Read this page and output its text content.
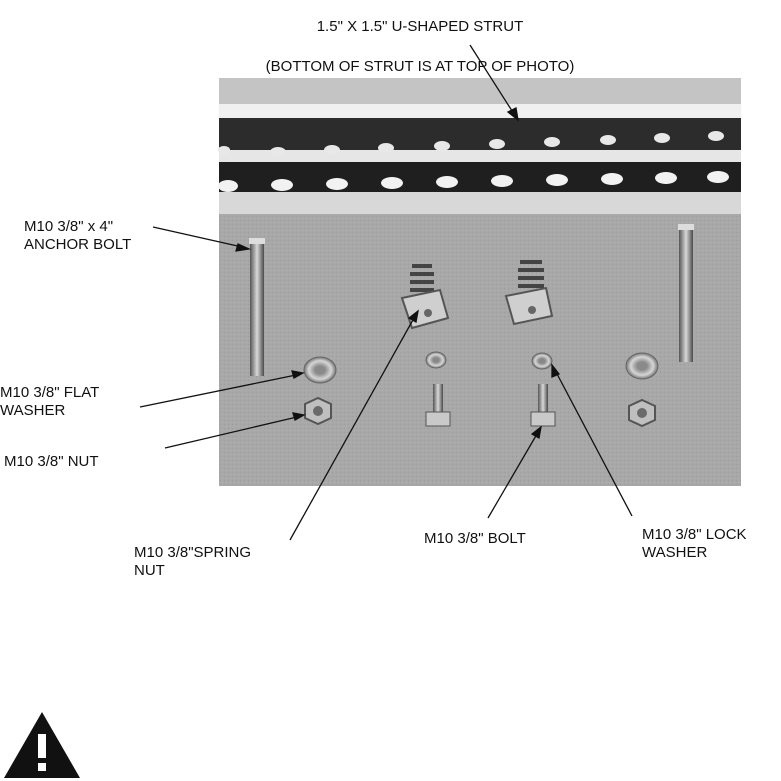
1.5" X 1.5" U-SHAPED STRUT

(BOTTOM OF STRUT IS AT TOP OF PHOTO)

M10 3/8" x 4"
ANCHOR BOLT
M10 3/8" FLAT
WASHER
M10 3/8" NUT
M10 3/8"SPRING
NUT
M10 3/8" BOLT	M10 3/8" LOCK
WASHER
